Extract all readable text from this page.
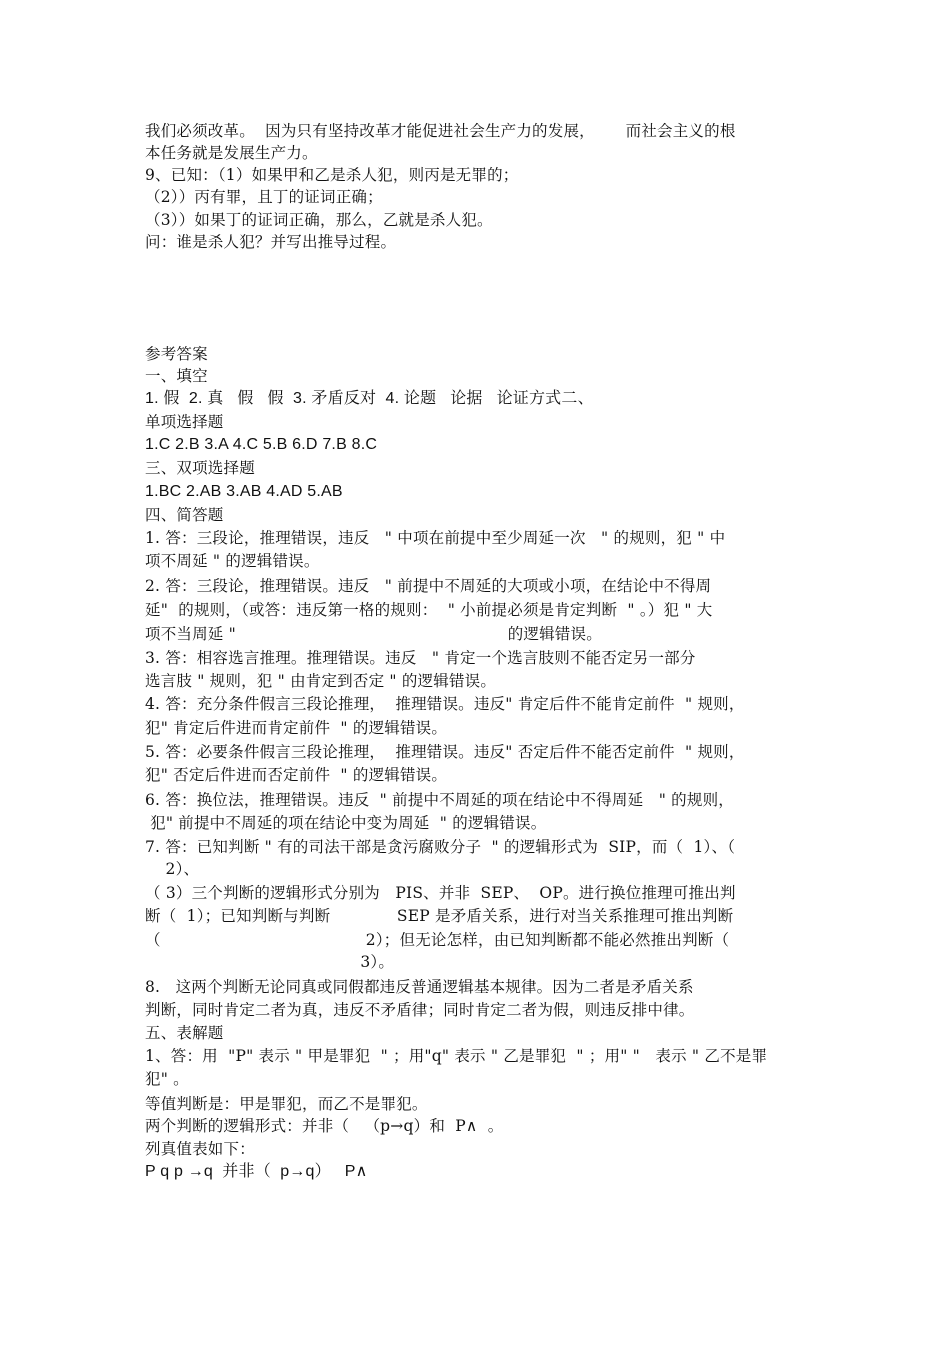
我们必须改革。  因为只有坚持改革才能促进社会生产力的发展，      而社会主义的根
本任务就是发展生产力。
9、已知：（1）如果甲和乙是杀人犯，则丙是无罪的；
（2））丙有罪，且丁的证词正确；
（3））如果丁的证词正确，那么，乙就是杀人犯。
问：谁是杀人犯？并写出推导过程。
参考答案
一、填空
1. 假  2. 真   假   假  3. 矛盾反对  4. 论题   论据   论证方式二、
单项选择题
1.C 2.B 3.A 4.C 5.B 6.D 7.B 8.C
三、双项选择题
1.BC 2.AB 3.AB 4.AD 5.AB
四、简答题
1. 答：三段论，推理错误，违反   " 中项在前提中至少周延一次   " 的规则，犯 " 中
项不周延 " 的逻辑错误。
2. 答：三段论，推理错误。违反   " 前提中不周延的大项或小项，在结论中不得周
延"  的规则，（或答：违反第一格的规则：  " 小前提必须是肯定判断  " 。）犯 " 大
项不当周延 "                                                     的逻辑错误。
3. 答：相容选言推理。推理错误。违反   " 肯定一个选言肢则不能否定另一部分
选言肢 " 规则，犯 " 由肯定到否定 " 的逻辑错误。
4. 答：充分条件假言三段论推理，  推理错误。违反" 肯定后件不能肯定前件  " 规则，
犯" 肯定后件进而肯定前件  " 的逻辑错误。
5. 答：必要条件假言三段论推理，  推理错误。违反" 否定后件不能否定前件  " 规则，
犯" 否定后件进而否定前件  " 的逻辑错误。
6. 答：换位法，推理错误。违反  " 前提中不周延的项在结论中不得周延   " 的规则，
犯" 前提中不周延的项在结论中变为周延  " 的逻辑错误。
7. 答：已知判断 " 有的司法干部是贪污腐败分子  " 的逻辑形式为  SIP，而（  1）、（
2）、
（ 3）三个判断的逻辑形式分别为   PIS、并非  SEP、  OP。进行换位推理可推出判
断（  1）；已知判断与判断             SEP 是矛盾关系，进行对当关系推理可推出判断
（                                        2）；但无论怎样，由已知判断都不能必然推出判断（
3）。
8.   这两个判断无论同真或同假都违反普通逻辑基本规律。因为二者是矛盾关系
判断，同时肯定二者为真，违反不矛盾律；同时肯定二者为假，则违反排中律。
五、表解题
1、答：用  "P" 表示 " 甲是罪犯  " ；用"q" 表示 " 乙是罪犯  " ；用" "   表示 " 乙不是罪
犯" 。
等值判断是：甲是罪犯，而乙不是罪犯。
两个判断的逻辑形式：并非（   （p→q）和  P∧  。
列真值表如下：
P q p →q  并非（  p→q）   P∧
